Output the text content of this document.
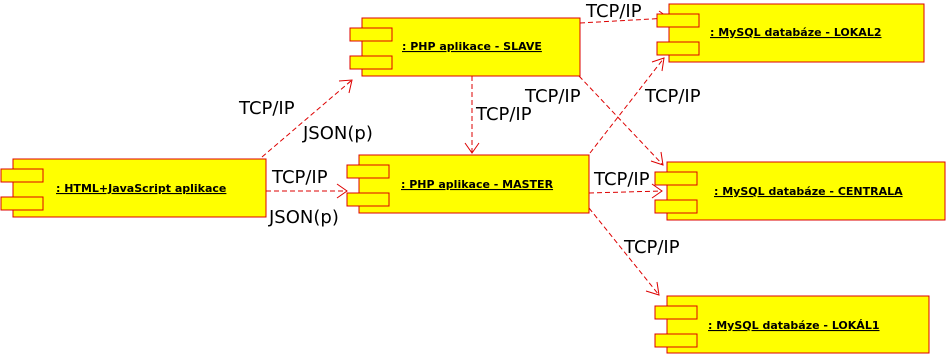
TCP/IP
JSON(p)
TCP/IP
JSON(p)
TCP/IP
TCP/IP
TCP/IP	TCP/IP
TCP/IP
TCP/IP
: HTML+JavaScript aplikace
: PHP aplikace - SLAVE
: PHP aplikace - MASTER
: MySQL databáze - LOKAL2
: MySQL databáze - CENTRALA
: MySQL databáze - LOKÁL1
